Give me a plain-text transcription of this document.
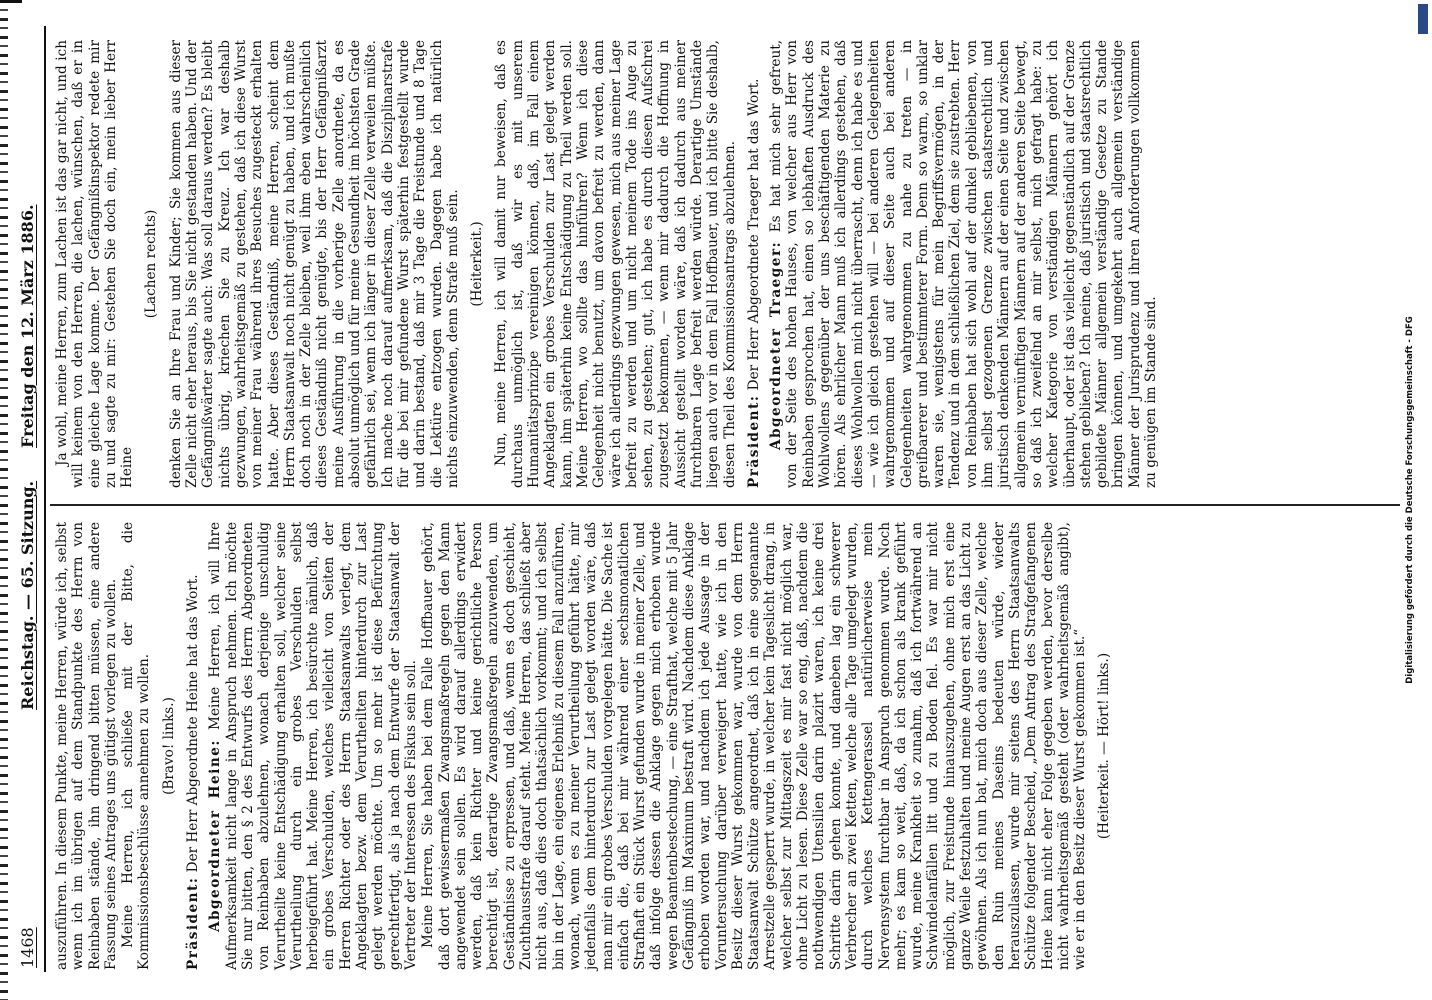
1468
Reichstag. — 65. Sitzung.
Freitag den 12. März 1886.

auszuführen. In diesem Punkte, meine Herren, würde ich, selbst wenn ich im übrigen auf dem Standpunkte des Herrn von Reinbaben stände, ihn dringend bitten müssen, eine andere Fassung seines Antrages uns gütigst vorlegen zu wollen. Meine Herren, ich schließe mit der Bitte, die Kommissionsbeschlüsse annehmen zu wollen. (Bravo! links.)

Präsident: Der Herr Abgeordnete Heine hat das Wort. Abgeordneter Heine: Meine Herren, ich will Ihre Aufmerksamkeit nicht lange in Anspruch nehmen. Ich möchte Sie nur bitten, den § 2 des Entwurfs des Herrn Abgeordneten von Reinbaben abzulehnen, wonach derjenige unschuldig Verurtheilte keine Entschädigung erhalten soll, welcher seine Verurtheilung durch ein grobes Verschulden selbst herbeigeführt hat. Meine Herren, ich besürchte nämlich, daß ein grobes Verschulden, welches vielleicht von Seiten der Herren Richter oder des Herrn Staatsanwalts verlegt, dem Angeklagten bezw. dem Verurtheilten hinterdurch zur Last gelegt werden möchte. Um so mehr ist diese Befürchtung gerechtfertigt, als ja nach dem Entwurfe der Staatsanwalt der Vertreter der Interessen des Fiskus sein soll. Meine Herren, Sie haben bei dem Falle Hoffbauer gehört, daß dort gewissermaßen Zwangsmaßregeln gegen den Mann angewendet sein sollen. Es wird darauf allerdings erwidert werden, daß kein Richter und keine gerichtliche Person berechtigt ist, derartige Zwangsmaßregeln anzuwenden, um Geständnisse zu erpressen, und daß, wenn es doch geschieht, Zuchthausstrafe darauf steht. Meine Herren, das schließt aber nicht aus, daß dies doch thatsächlich vorkommt; und ich selbst bin in der Lage, ein eigenes Erlebniß zu diesem Fall anzuführen, wonach, wenn es zu meiner Verurtheilung geführt hätte, mir jedenfalls dem hinterdurch zur Last gelegt worden wäre, daß man mir ein grobes Verschulden vorgelegen hätte. Die Sache ist einfach die, daß bei mir während einer sechsmonatlichen Strafhaft ein Stück Wurst gefunden wurde in meiner Zelle, und daß infolge dessen die Anklage gegen mich erhoben wurde wegen Beamtenbestechung, — eine Strafthat, welche mit 5 Jahr Gefängniß im Maximum bestraft wird. Nachdem diese Anklage erhoben worden war, und nachdem ich jede Aussage in der Voruntersuchung darüber verweigert hatte, wie ich in den Besitz dieser Wurst gekommen war, wurde von dem Herrn Staatsanwalt Schütze angeordnet, daß ich in eine sogenannte Arrestzelle gesperrt wurde, in welcher kein Tageslicht drang, in welcher selbst zur Mittagszeit es mir fast nicht möglich war, ohne Licht zu lesen. Diese Zelle war so eng, daß, nachdem die nothwendigen Utensilien darin plazirt waren, ich keine drei Schritte darin gehen konnte, und daneben lag ein schwerer Verbrecher an zwei Ketten, welche alle Tage umgelegt wurden, durch welches Kettengerassel natürlicherweise mein Nervensystem furchtbar in Anspruch genommen wurde. Noch mehr; es kam so weit, daß, da ich schon als krank geführt wurde, meine Krankheit so zunahm, daß ich fortwährend an Schwindelanfällen litt und zu Boden fiel. Es war mir nicht möglich, zur Freistunde hinauszugehen, ohne mich erst eine ganze Weile festzuhalten und meine Augen erst an das Licht zu gewöhnen. Als ich nun bat, mich doch aus dieser Zelle, welche den Ruin meines Daseins bedeuten würde, wieder herauszulassen, wurde mir seitens des Herrn Staatsanwalts Schütze folgender Bescheid, „Dem Antrag des Strafgefangenen Heine kann nicht eher Folge gegeben werden, bevor derselbe nicht wahrheitsgemäß gesteht (oder wahrheitsgemäß angibt), wie er in den Besitz dieser Wurst gekommen ist.“ (Heiterkeit. — Hört! links.)

Ja wohl, meine Herren, zum Lachen ist das gar nicht, und ich will keinem von den Herren, die lachen, wünschen, daß er in eine gleiche Lage komme. Der Gefängnißinspektor redete mir zu und sagte zu mir: Gestehen Sie doch ein, mein lieber Herr Heine

(Lachen rechts) denken Sie an Ihre Frau und Kinder; Sie kommen aus dieser Zelle nicht eher heraus, bis Sie nicht gestanden haben. Und der Gefängnißwärter sagte auch: Was soll daraus werden? Es bleibt nichts übrig, kriechen Sie zu Kreuz. Ich war deshalb gezwungen, wahrheitsgemäß zu gestehen, daß ich diese Wurst von meiner Frau während ihres Besuches zugesteckt erhalten hatte. Aber dieses Geständniß, meine Herren, scheint dem Herrn Staatsanwalt noch nicht genügt zu haben, und ich mußte doch noch in der Zelle bleiben, weil ihm eben wahrscheinlich dieses Geständniß nicht genügte, bis der Herr Gefängnißarzt meine Ausführung in die vorherige Zelle anordnete, da es absolut unmöglich und für meine Gesundheit im höchsten Grade gefährlich sei, wenn ich länger in dieser Zelle verweilen müßte. Ich mache noch darauf aufmerksam, daß die Disziplinarstrafe für die bei mir gefundene Wurst späterhin festgestellt wurde und darin bestand, daß mir 3 Tage die Freistunde und 8 Tage die Lektüre entzogen wurden. Dagegen habe ich natürlich nichts einzuwenden, denn Strafe muß sein. (Heiterkeit.) Nun, meine Herren, ich will damit nur beweisen, daß es durchaus unmöglich ist, daß wir es mit unserem Humanitätsprinzipe vereinigen können, daß, im Fall einem Angeklagten ein grobes Verschulden zur Last gelegt werden kann, ihm späterhin keine Entschädigung zu Theil werden soll. Meine Herren, wo sollte das hinführen? Wenn ich diese Gelegenheit nicht benutzt, um davon befreit zu werden, dann wäre ich allerdings gezwungen gewesen, mich aus meiner Lage befreit zu werden und um nicht meinem Tode ins Auge zu sehen, zu gestehen; gut, ich habe es durch diesen Aufschrei zugesetzt bekommen, — wenn mir dadurch die Hoffnung in Aussicht gestellt worden wäre, daß ich dadurch aus meiner furchtbaren Lage befreit werden würde. Derartige Umstände liegen auch vor in dem Fall Hoffbauer, und ich bitte Sie deshalb, diesen Theil des Kommissionsantrags abzulehnen. Präsident: Der Herr Abgeordnete Traeger hat das Wort. Abgeordneter Traeger: Es hat mich sehr gefreut, von der Seite des hohen Hauses, von welcher aus Herr von Reinbaben gesprochen hat, einen so lebhaften Ausdruck des Wohlwollens gegenüber der uns beschäftigenden Materie zu hören. Als ehrlicher Mann muß ich allerdings gestehen, daß dieses Wohlwollen mich nicht überrascht, denn ich habe es und — wie ich gleich gestehen will — bei anderen Gelegenheiten wahrgenommen und auf dieser Seite auch bei anderen Gelegenheiten wahrgenommen zu nahe zu treten — in greifbarerer und bestimmterer Form. Denn so warm, so unklar waren sie, wenigstens für mein Begriffsvermögen, in der Tendenz und in dem schließlichen Ziel, dem sie zustrebten. Herr von Reinbaben hat sich wohl auf der dunkel gebliebenen, von ihm selbst gezogenen Grenze zwischen staatsrechtlich und juristisch denkenden Männern auf der einen Seite und zwischen allgemein vernünftigen Männern auf der anderen Seite bewegt, so daß ich zweifelnd an mir selbst, mich gefragt habe: zu welcher Kategorie von verständigen Männern gehört ich überhaupt, oder ist das vielleicht gegenständlich auf der Grenze stehen geblieben? Ich meine, daß juristisch und staatsrechtlich gebildete Männer allgemein verständige Gesetze zu Stande bringen können, und umgekehrt auch allgemein verständige Männer der Jurisprudenz und ihren Anforderungen vollkommen zu genügen im Stande sind.	Digitalisierung gefördert durch die Deutsche Forschungsgemeinschaft - DFG
